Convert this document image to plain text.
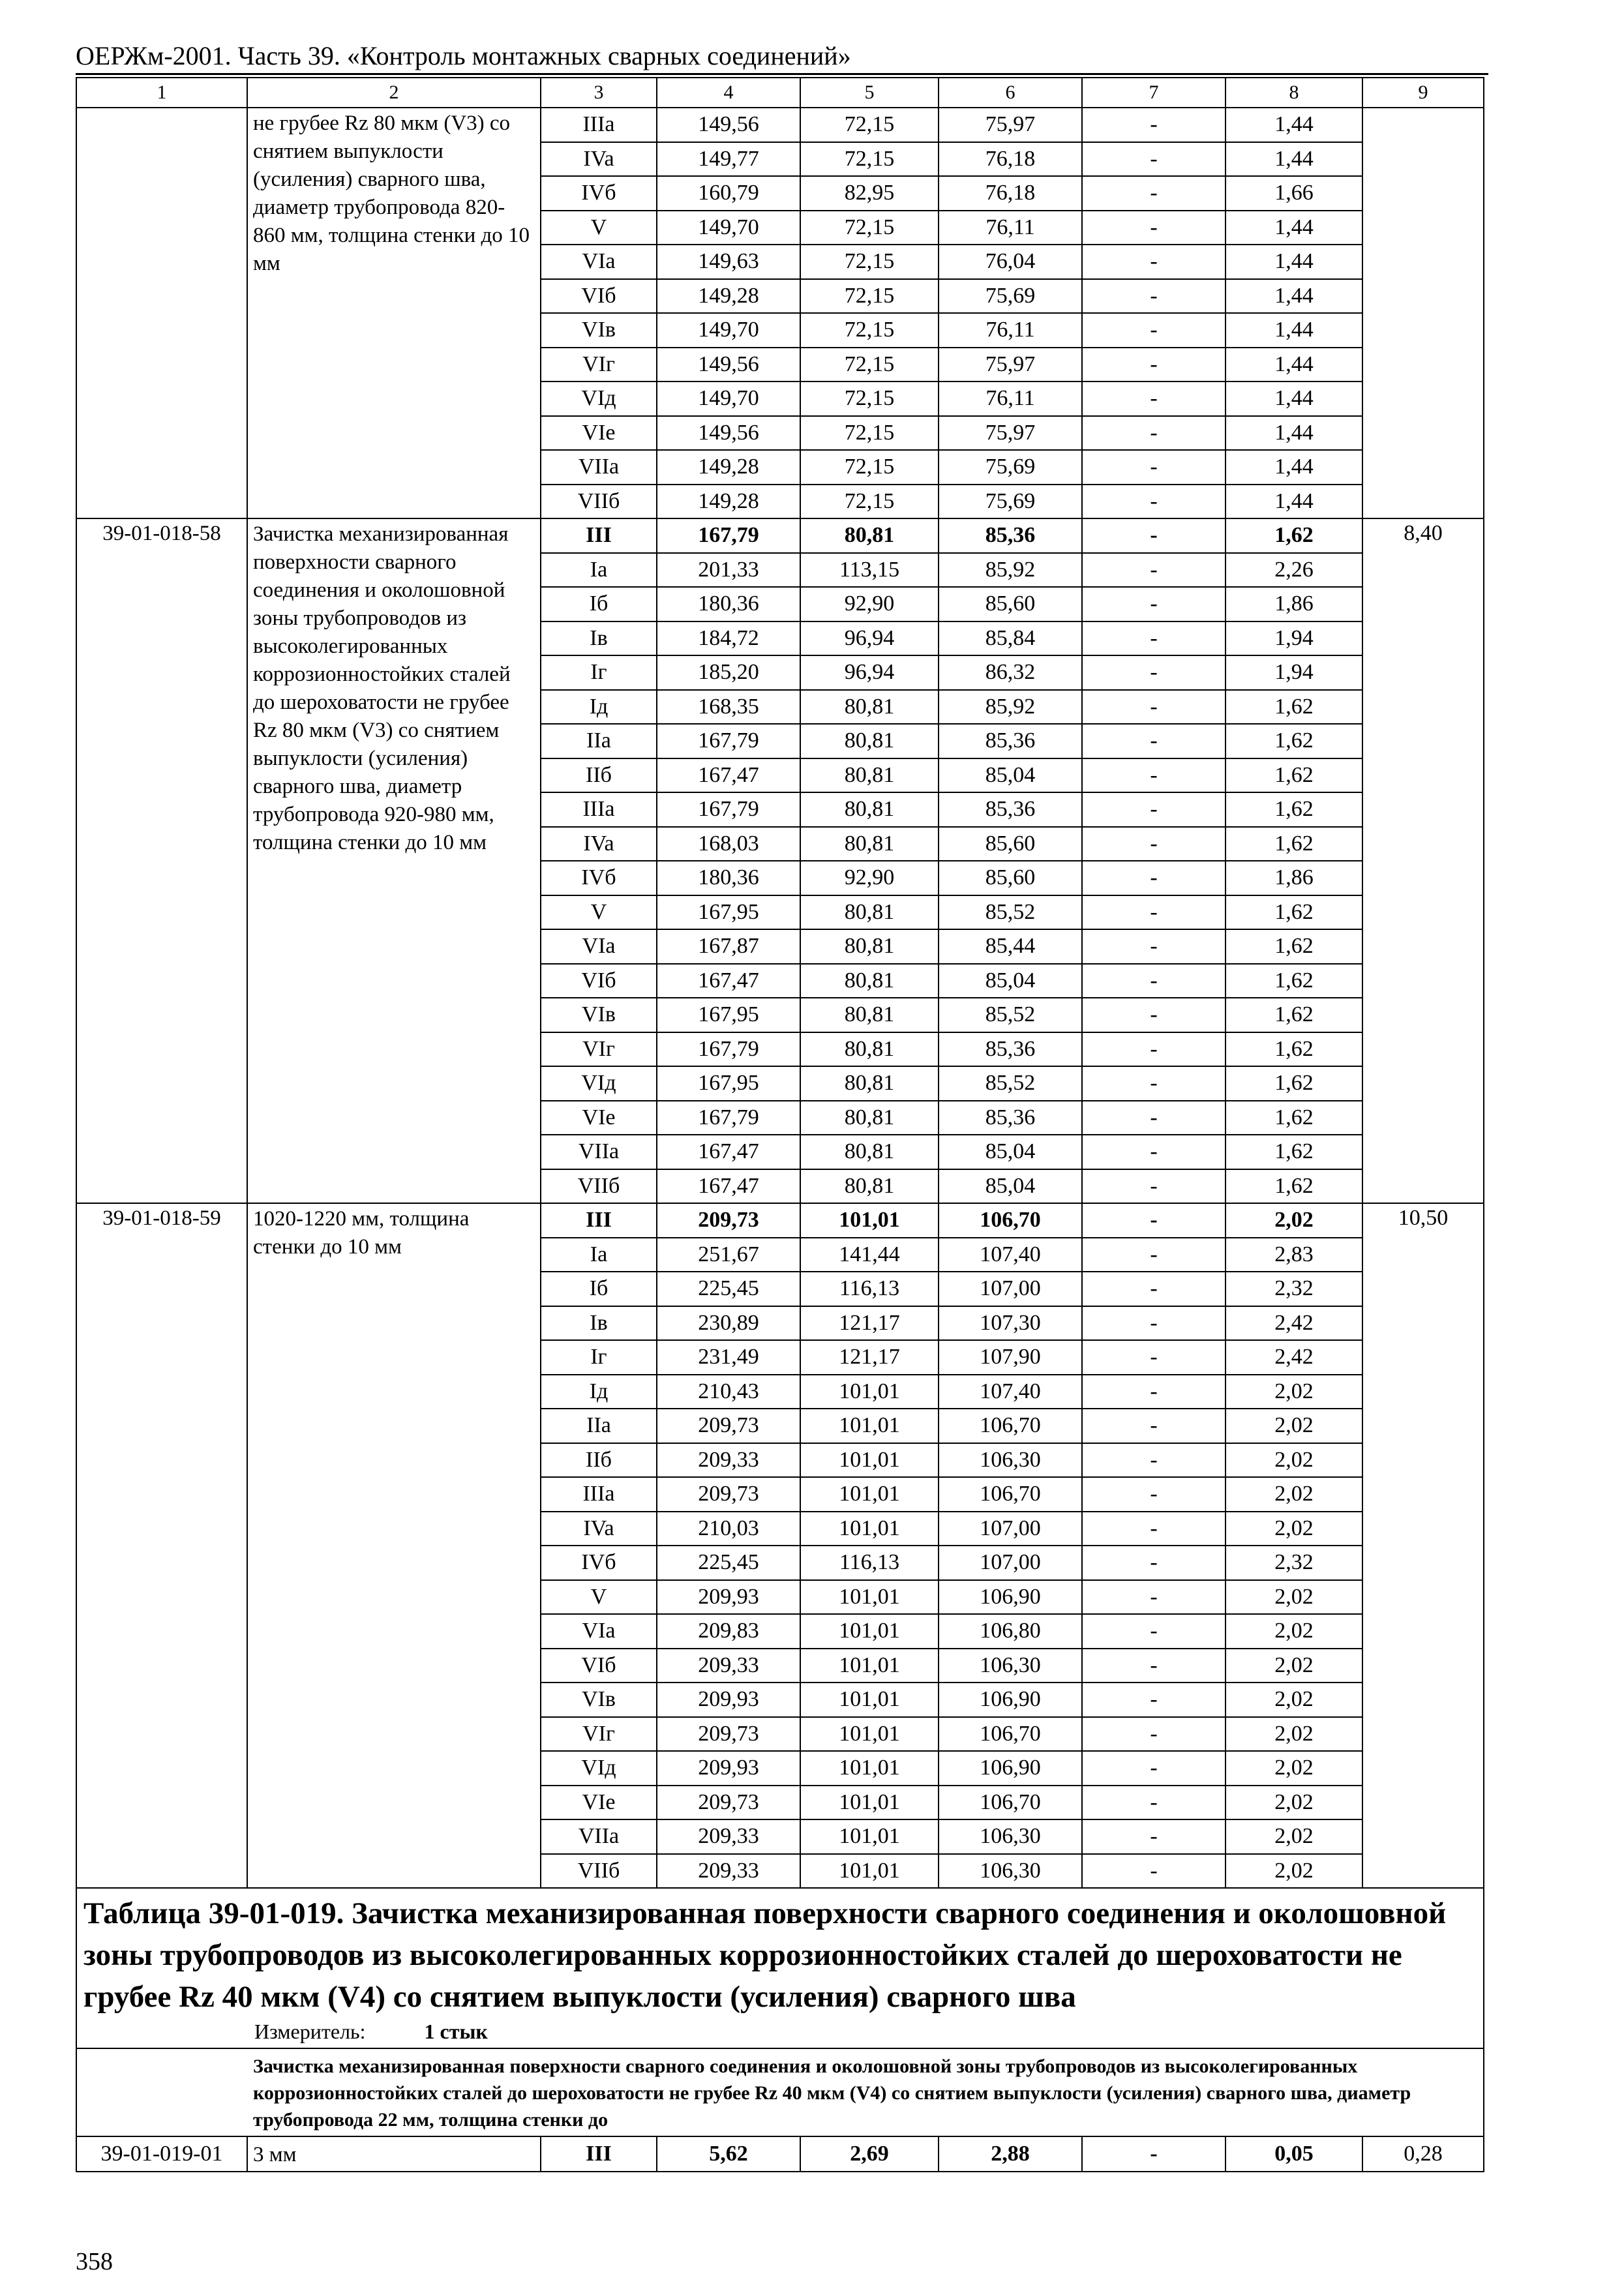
ОЕРЖм-2001. Часть 39. «Контроль монтажных сварных соединений»
1	2	3	4	5	6	7	8	9
	не грубее Rz 80 мкм (V3) со снятием выпуклости (усиления) сварного шва, диаметр трубопровода 820-860 мм, толщина стенки до 10 мм	IIIa	149,56	72,15	75,97	-	1,44	
		IVa	149,77	72,15	76,18	-	1,44	
		IVб	160,79	82,95	76,18	-	1,66	
		V	149,70	72,15	76,11	-	1,44	
		VIa	149,63	72,15	76,04	-	1,44	
		VIб	149,28	72,15	75,69	-	1,44	
		VIв	149,70	72,15	76,11	-	1,44	
		VIг	149,56	72,15	75,97	-	1,44	
		VIд	149,70	72,15	76,11	-	1,44	
		VIe	149,56	72,15	75,97	-	1,44	
		VIIa	149,28	72,15	75,69	-	1,44	
		VIIб	149,28	72,15	75,69	-	1,44	
39-01-018-58	Зачистка механизированная поверхности сварного соединения и околошовной зоны трубопроводов из высоколегированных коррозионностойких сталей до шероховатости не грубее Rz 80 мкм (V3) со снятием выпуклости (усиления) сварного шва, диаметр трубопровода 920-980 мм, толщина стенки до 10 мм	III	167,79	80,81	85,36	-	1,62	8,40
		Ia	201,33	113,15	85,92	-	2,26	
		Iб	180,36	92,90	85,60	-	1,86	
		Iв	184,72	96,94	85,84	-	1,94	
		Iг	185,20	96,94	86,32	-	1,94	
		Iд	168,35	80,81	85,92	-	1,62	
		IIa	167,79	80,81	85,36	-	1,62	
		IIб	167,47	80,81	85,04	-	1,62	
		IIIa	167,79	80,81	85,36	-	1,62	
		IVa	168,03	80,81	85,60	-	1,62	
		IVб	180,36	92,90	85,60	-	1,86	
		V	167,95	80,81	85,52	-	1,62	
		VIa	167,87	80,81	85,44	-	1,62	
		VIб	167,47	80,81	85,04	-	1,62	
		VIв	167,95	80,81	85,52	-	1,62	
		VIг	167,79	80,81	85,36	-	1,62	
		VIд	167,95	80,81	85,52	-	1,62	
		VIe	167,79	80,81	85,36	-	1,62	
		VIIa	167,47	80,81	85,04	-	1,62	
		VIIб	167,47	80,81	85,04	-	1,62	
39-01-018-59	1020-1220 мм, толщина стенки до 10 мм	III	209,73	101,01	106,70	-	2,02	10,50
		Ia	251,67	141,44	107,40	-	2,83	
		Iб	225,45	116,13	107,00	-	2,32	
		Iв	230,89	121,17	107,30	-	2,42	
		Iг	231,49	121,17	107,90	-	2,42	
		Iд	210,43	101,01	107,40	-	2,02	
		IIa	209,73	101,01	106,70	-	2,02	
		IIб	209,33	101,01	106,30	-	2,02	
		IIIa	209,73	101,01	106,70	-	2,02	
		IVa	210,03	101,01	107,00	-	2,02	
		IVб	225,45	116,13	107,00	-	2,32	
		V	209,93	101,01	106,90	-	2,02	
		VIa	209,83	101,01	106,80	-	2,02	
		VIб	209,33	101,01	106,30	-	2,02	
		VIв	209,93	101,01	106,90	-	2,02	
		VIг	209,73	101,01	106,70	-	2,02	
		VIд	209,93	101,01	106,90	-	2,02	
		VIe	209,73	101,01	106,70	-	2,02	
		VIIa	209,33	101,01	106,30	-	2,02	
		VIIб	209,33	101,01	106,30	-	2,02	

Таблица 39-01-019. Зачистка механизированная поверхности сварного соединения и околошовной зоны трубопроводов из высоколегированных коррозионностойких сталей до шероховатости не грубее Rz 40 мкм (V4) со снятием выпуклости (усиления) сварного шва
Измеритель: 1 стык								

Зачистка механизированная поверхности сварного соединения и околошовной зоны трубопроводов из высоколегированных коррозионностойких сталей до шероховатости не грубее Rz 40 мкм (V4) со снятием выпуклости (усиления) сварного шва, диаметр трубопровода 22 мм, толщина стенки до								
39-01-019-01	3 мм	III	5,62	2,69	2,88	-	0,05	0,28
358
